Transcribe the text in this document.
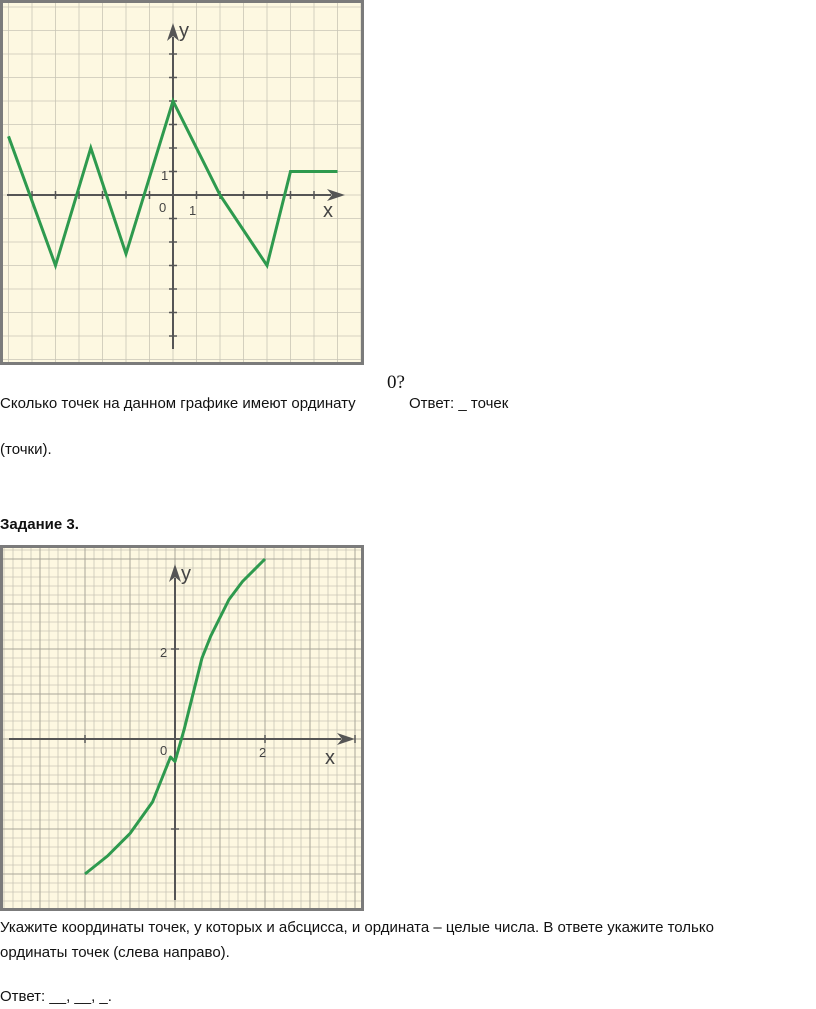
x
y
0 1
1
Сколько точек на данном графике имеют ординату
0?
Ответ: _ точек
(точки).
Задание 3.
x
y
0	2
2
Укажите координаты точек, у которых и абсцисса, и ордината – целые числа. В ответе укажите только
ординаты точек (слева направо).
Ответ: __, __, _.
